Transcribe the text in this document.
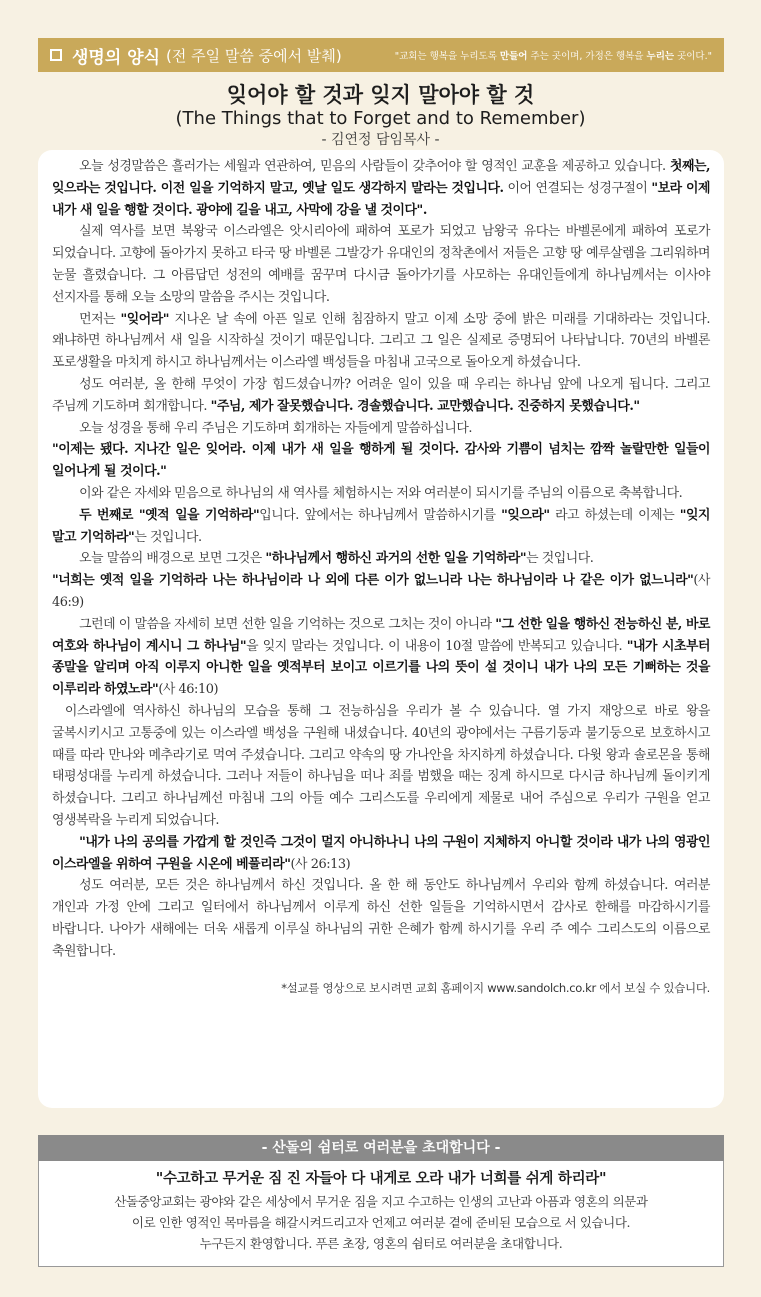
생명의 양식 (전 주일 말씀 중에서 발췌)	"교회는 행복을 누리도록 만들어 주는 곳이며, 가정은 행복을 누리는 곳이다."
잊어야 할 것과 잊지 말아야 할 것
(The Things that to Forget and to Remember)
- 김연정 담임목사 -

오늘 성경말씀은 흘러가는 세월과 연관하여, 믿음의 사람들이 갖추어야 할 영적인 교훈을 제공하고 있습니다. 첫째는, 잊으라는 것입니다. 이전 일을 기억하지 말고, 옛날 일도 생각하지 말라는 것입니다. 이어 연결되는 성경구절이 "보라 이제 내가 새 일을 행할 것이다. 광야에 길을 내고, 사막에 강을 낼 것이다".

실제 역사를 보면 북왕국 이스라엘은 앗시리아에 패하여 포로가 되었고 남왕국 유다는 바벨론에게 패하여 포로가 되었습니다. 고향에 돌아가지 못하고 타국 땅 바벨론 그발강가 유대인의 정착촌에서 저들은 고향 땅 예루살렘을 그리워하며 눈물 흘렸습니다. 그 아름답던 성전의 예배를 꿈꾸며 다시금 돌아가기를 사모하는 유대인들에게 하나님께서는 이사야 선지자를 통해 오늘 소망의 말씀을 주시는 것입니다.

먼저는 "잊어라" 지나온 날 속에 아픈 일로 인해 침잠하지 말고 이제 소망 중에 밝은 미래를 기대하라는 것입니다. 왜냐하면 하나님께서 새 일을 시작하실 것이기 때문입니다. 그리고 그 일은 실제로 증명되어 나타납니다. 70년의 바벨론 포로생활을 마치게 하시고 하나님께서는 이스라엘 백성들을 마침내 고국으로 돌아오게 하셨습니다.

성도 여러분, 올 한해 무엇이 가장 힘드셨습니까? 어려운 일이 있을 때 우리는 하나님 앞에 나오게 됩니다. 그리고 주님께 기도하며 회개합니다. "주님, 제가 잘못했습니다. 경솔했습니다. 교만했습니다. 진중하지 못했습니다."

오늘 성경을 통해 우리 주님은 기도하며 회개하는 자들에게 말씀하십니다.

"이제는 됐다. 지나간 일은 잊어라. 이제 내가 새 일을 행하게 될 것이다. 감사와 기쁨이 넘치는 깜짝 놀랄만한 일들이 일어나게 될 것이다."

이와 같은 자세와 믿음으로 하나님의 새 역사를 체험하시는 저와 여러분이 되시기를 주님의 이름으로 축복합니다.

두 번째로 "옛적 일을 기억하라"입니다. 앞에서는 하나님께서 말씀하시기를 "잊으라" 라고 하셨는데 이제는 "잊지 말고 기억하라"는 것입니다.

오늘 말씀의 배경으로 보면 그것은 "하나님께서 행하신 과거의 선한 일을 기억하라"는 것입니다.

"너희는 옛적 일을 기억하라 나는 하나님이라 나 외에 다른 이가 없느니라 나는 하나님이라 나 같은 이가 없느니라"(사 46:9)

그런데 이 말씀을 자세히 보면 선한 일을 기억하는 것으로 그치는 것이 아니라 "그 선한 일을 행하신 전능하신 분, 바로 여호와 하나님이 계시니 그 하나님"을 잊지 말라는 것입니다. 이 내용이 10절 말씀에 반복되고 있습니다. "내가 시초부터 종말을 알리며 아직 이루지 아니한 일을 옛적부터 보이고 이르기를 나의 뜻이 설 것이니 내가 나의 모든 기뻐하는 것을 이루리라 하였노라"(사 46:10)

이스라엘에 역사하신 하나님의 모습을 통해 그 전능하심을 우리가 볼 수 있습니다. 열 가지 재앙으로 바로 왕을 굴복시키시고 고통중에 있는 이스라엘 백성을 구원해 내셨습니다. 40년의 광야에서는 구름기둥과 불기둥으로 보호하시고 때를 따라 만나와 메추라기로 먹여 주셨습니다. 그리고 약속의 땅 가나안을 차지하게 하셨습니다. 다윗 왕과 솔로몬을 통해 태평성대를 누리게 하셨습니다. 그러나 저들이 하나님을 떠나 죄를 범했을 때는 징계 하시므로 다시금 하나님께 돌이키게 하셨습니다. 그리고 하나님께선 마침내 그의 아들 예수 그리스도를 우리에게 제물로 내어 주심으로 우리가 구원을 얻고 영생복락을 누리게 되었습니다.

"내가 나의 공의를 가깝게 할 것인즉 그것이 멀지 아니하나니 나의 구원이 지체하지 아니할 것이라 내가 나의 영광인 이스라엘을 위하여 구원을 시온에 베풀리라"(사 26:13)

성도 여러분, 모든 것은 하나님께서 하신 것입니다. 올 한 해 동안도 하나님께서 우리와 함께 하셨습니다. 여러분 개인과 가정 안에 그리고 일터에서 하나님께서 이루게 하신 선한 일들을 기억하시면서 감사로 한해를 마감하시기를 바랍니다. 나아가 새해에는 더욱 새롭게 이루실 하나님의 귀한 은혜가 함께 하시기를 우리 주 예수 그리스도의 이름으로 축원합니다.

*설교를 영상으로 보시려면 교회 홈페이지 www.sandolch.co.kr 에서 보실 수 있습니다.
- 산돌의 쉼터로 여러분을 초대합니다 -
"수고하고 무거운 짐 진 자들아 다 내게로 오라 내가 너희를 쉬게 하리라"
산돌중앙교회는 광야와 같은 세상에서 무거운 짐을 지고 수고하는 인생의 고난과 아픔과 영혼의 의문과
이로 인한 영적인 목마름을 해갈시켜드리고자 언제고 여러분 곁에 준비된 모습으로 서 있습니다.
누구든지 환영합니다. 푸른 초장, 영혼의 쉼터로 여러분을 초대합니다.
